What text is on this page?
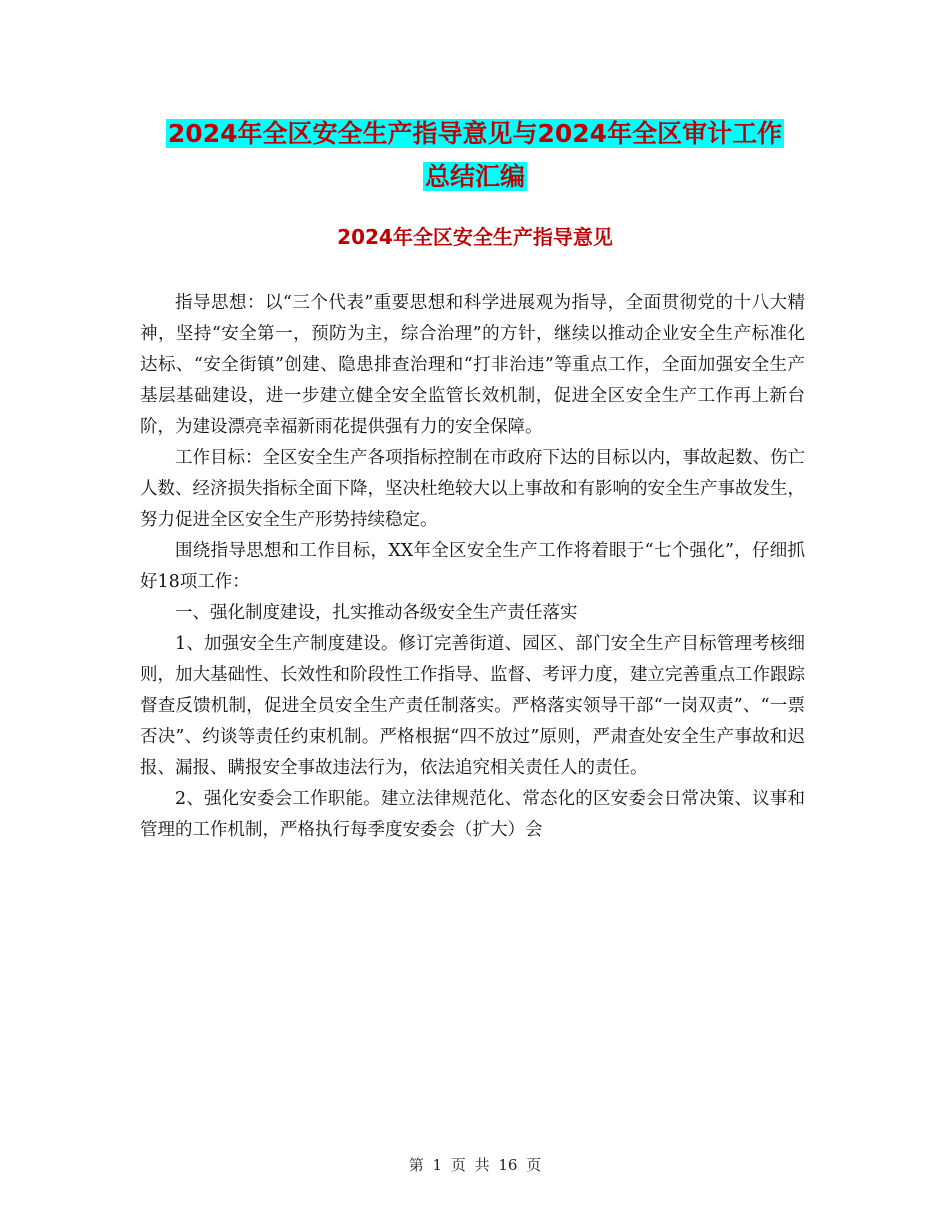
2024年全区安全生产指导意见与2024年全区审计工作
总结汇编
2024年全区安全生产指导意见

指导思想：以“三个代表”重要思想和科学进展观为指导，全面贯彻党的十八大精神，坚持“安全第一，预防为主，综合治理”的方针，继续以推动企业安全生产标准化达标、“安全街镇”创建、隐患排查治理和“打非治违”等重点工作，全面加强安全生产基层基础建设，进一步建立健全安全监管长效机制，促进全区安全生产工作再上新台阶，为建设漂亮幸福新雨花提供强有力的安全保障。

工作目标：全区安全生产各项指标控制在市政府下达的目标以内，事故起数、伤亡人数、经济损失指标全面下降，坚决杜绝较大以上事故和有影响的安全生产事故发生，努力促进全区安全生产形势持续稳定。

围绕指导思想和工作目标，XX年全区安全生产工作将着眼于“七个强化”，仔细抓好18项工作：

一、强化制度建设，扎实推动各级安全生产责任落实

1、加强安全生产制度建设。修订完善街道、园区、部门安全生产目标管理考核细则，加大基础性、长效性和阶段性工作指导、监督、考评力度，建立完善重点工作跟踪督查反馈机制，促进全员安全生产责任制落实。严格落实领导干部“一岗双责”、“一票否决”、约谈等责任约束机制。严格根据“四不放过”原则，严肃查处安全生产事故和迟报、漏报、瞒报安全事故违法行为，依法追究相关责任人的责任。

2、强化安委会工作职能。建立法律规范化、常态化的区安委会日常决策、议事和管理的工作机制，严格执行每季度安委会（扩大）会

第 1 页 共 16 页
